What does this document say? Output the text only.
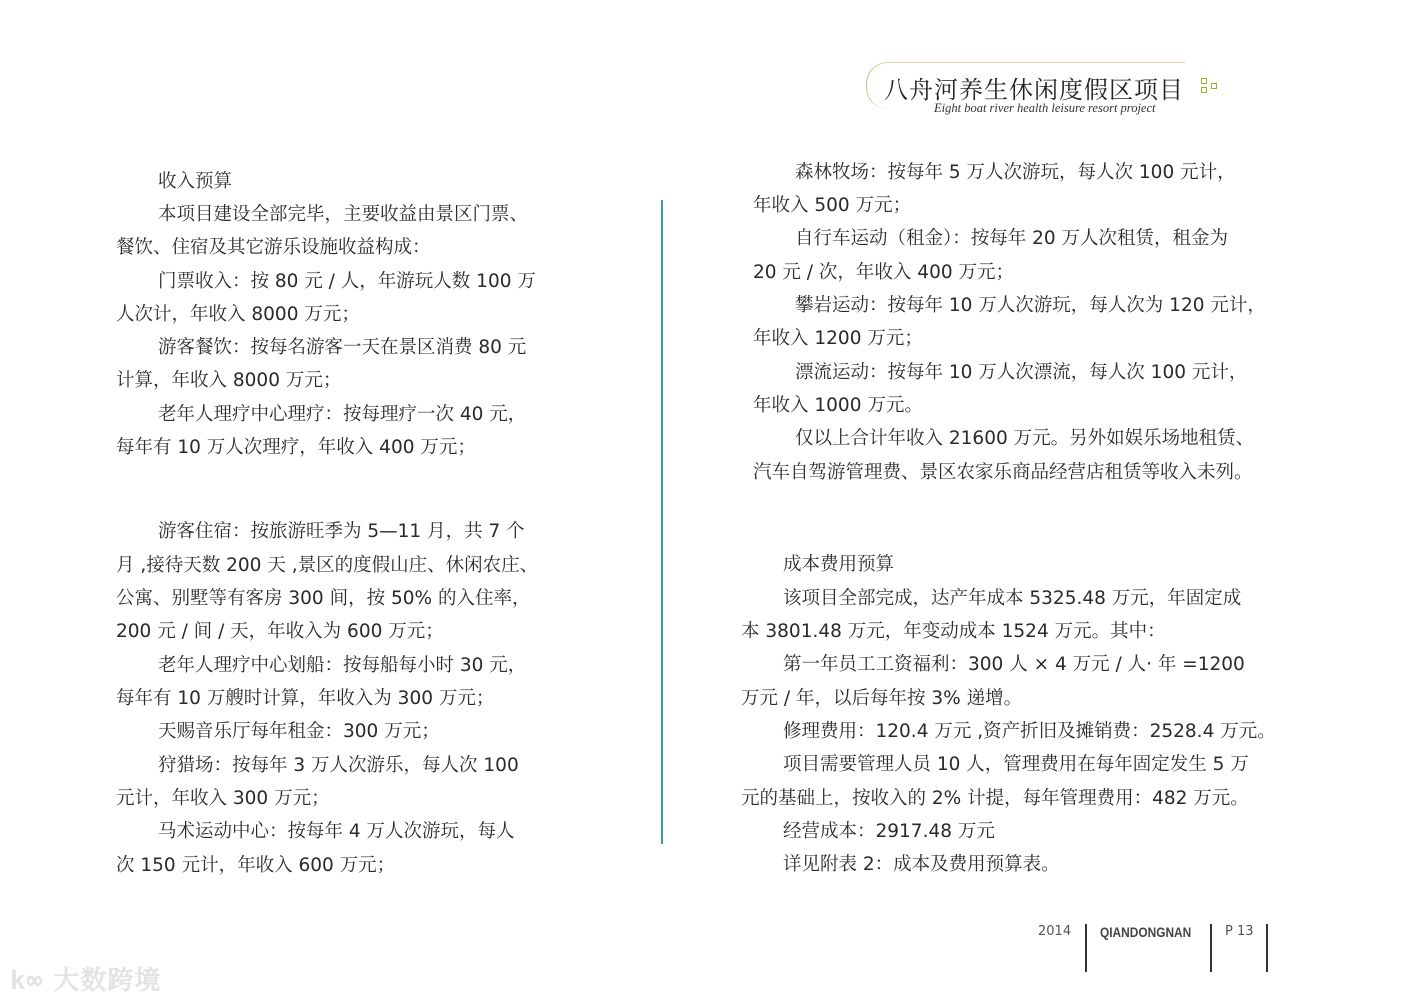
八舟河养生休闲度假区项目
Eight boat river health leisure resort project
收入预算
本项目建设全部完毕，主要收益由景区门票、
餐饮、住宿及其它游乐设施收益构成：
门票收入：按 80 元 / 人，年游玩人数 100 万
人次计，年收入 8000 万元；
游客餐饮：按每名游客一天在景区消费 80 元
计算，年收入 8000 万元；
老年人理疗中心理疗：按每理疗一次 40 元，
每年有 10 万人次理疗，年收入 400 万元；
游客住宿：按旅游旺季为 5—11 月，共 7 个
月 ,接待天数 200 天 ,景区的度假山庄、休闲农庄、
公寓、别墅等有客房 300 间，按 50% 的入住率，
200 元 / 间 / 天，年收入为 600 万元；
老年人理疗中心划船：按每船每小时 30 元，
每年有 10 万艘时计算，年收入为 300 万元；
天赐音乐厅每年租金：300 万元；
狩猎场：按每年 3 万人次游乐，每人次 100
元计，年收入 300 万元；
马术运动中心：按每年 4 万人次游玩，每人
次 150 元计，年收入 600 万元；
森林牧场：按每年 5 万人次游玩，每人次 100 元计，
年收入 500 万元；
自行车运动（租金）：按每年 20 万人次租赁，租金为
20 元 / 次，年收入 400 万元；
攀岩运动：按每年 10 万人次游玩，每人次为 120 元计，
年收入 1200 万元；
漂流运动：按每年 10 万人次漂流，每人次 100 元计，
年收入 1000 万元。
仅以上合计年收入 21600 万元。另外如娱乐场地租赁、
汽车自驾游管理费、景区农家乐商品经营店租赁等收入未列。
成本费用预算
该项目全部完成，达产年成本 5325.48 万元，年固定成
本 3801.48 万元，年变动成本 1524 万元。其中：
第一年员工工资福利：300 人 × 4 万元 / 人· 年 =1200
万元 / 年，以后每年按 3% 递增。
修理费用：120.4 万元 ,资产折旧及摊销费：2528.4 万元。
项目需要管理人员 10 人，管理费用在每年固定发生 5 万
元的基础上，按收入的 2% 计提，每年管理费用：482 万元。
经营成本：2917.48 万元
详见附表 2：成本及费用预算表。
2014 QIANDONGNAN	P 13
k∞ 大数跨境
